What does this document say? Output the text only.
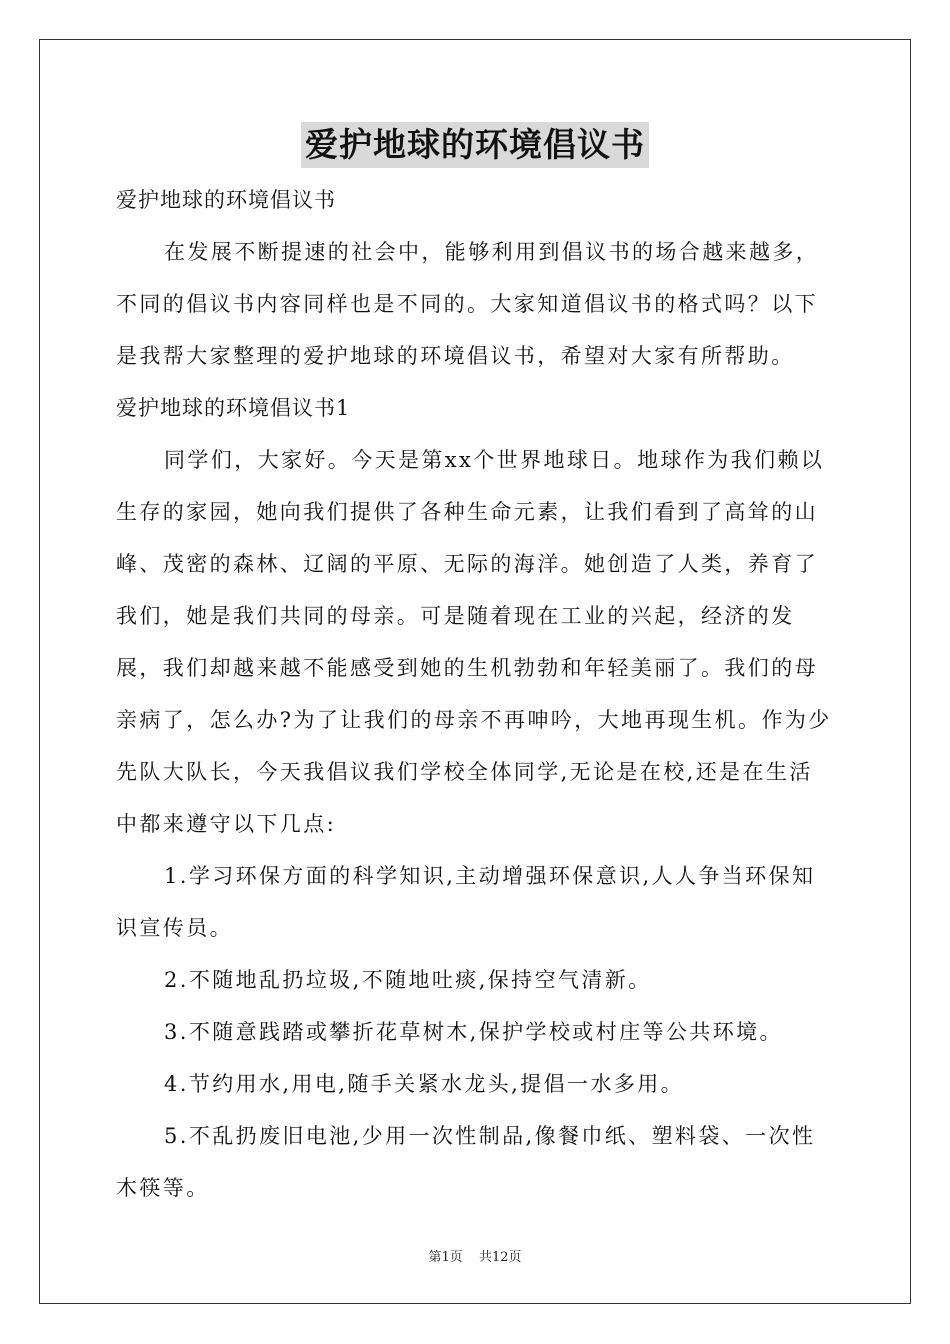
爱护地球的环境倡议书

爱护地球的环境倡议书

在发展不断提速的社会中，能够利用到倡议书的场合越来越多，不同的倡议书内容同样也是不同的。大家知道倡议书的格式吗？以下是我帮大家整理的爱护地球的环境倡议书，希望对大家有所帮助。

爱护地球的环境倡议书1

同学们，大家好。今天是第xx个世界地球日。地球作为我们赖以生存的家园，她向我们提供了各种生命元素，让我们看到了高耸的山峰、茂密的森林、辽阔的平原、无际的海洋。她创造了人类，养育了我们，她是我们共同的母亲。可是随着现在工业的兴起，经济的发展，我们却越来越不能感受到她的生机勃勃和年轻美丽了。我们的母亲病了，怎么办?为了让我们的母亲不再呻吟，大地再现生机。作为少先队大队长，今天我倡议我们学校全体同学,无论是在校,还是在生活中都来遵守以下几点:

1.学习环保方面的科学知识,主动增强环保意识,人人争当环保知识宣传员。

2.不随地乱扔垃圾,不随地吐痰,保持空气清新。

3.不随意践踏或攀折花草树木,保护学校或村庄等公共环境。

4.节约用水,用电,随手关紧水龙头,提倡一水多用。

5.不乱扔废旧电池,少用一次性制品,像餐巾纸、塑料袋、一次性木筷等。

第1页 共12页
